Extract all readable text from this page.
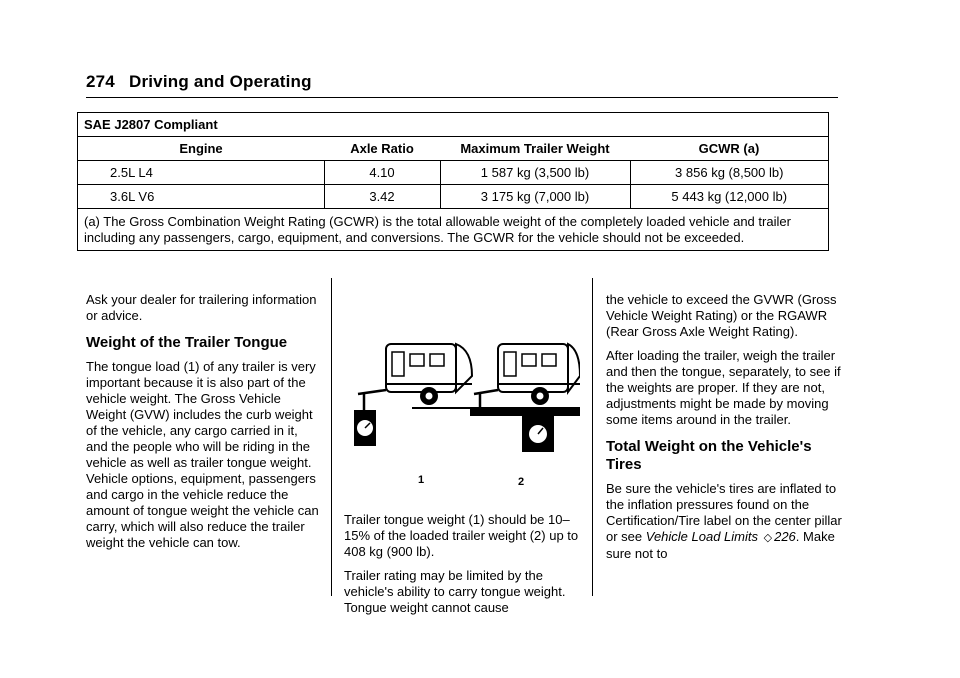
274 Driving and Operating
SAE J2807 Compliant			
Engine	Axle Ratio	Maximum Trailer Weight	GCWR (a)
2.5L L4	4.10	1 587 kg (3,500 lb)	3 856 kg (8,500 lb)
3.6L V6	3.42	3 175 kg (7,000 lb)	5 443 kg (12,000 lb)
(a) The Gross Combination Weight Rating (GCWR) is the total allowable weight of the completely loaded vehicle and trailer including any passengers, cargo, equipment, and conversions. The GCWR for the vehicle should not be exceeded.			

Ask your dealer for trailering information or advice.

Weight of the Trailer Tongue

The tongue load (1) of any trailer is very important because it is also part of the vehicle weight. The Gross Vehicle Weight (GVW) includes the curb weight of the vehicle, any cargo carried in it, and the people who will be riding in the vehicle as well as trailer tongue weight. Vehicle options, equipment, passengers and cargo in the vehicle reduce the amount of tongue weight the vehicle can carry, which will also reduce the trailer weight the vehicle can tow.

1	2

Trailer tongue weight (1) should be 10–15% of the loaded trailer weight (2) up to 408 kg (900 lb).

Trailer rating may be limited by the vehicle's ability to carry tongue weight. Tongue weight cannot cause

the vehicle to exceed the GVWR (Gross Vehicle Weight Rating) or the RGAWR (Rear Gross Axle Weight Rating).

After loading the trailer, weigh the trailer and then the tongue, separately, to see if the weights are proper. If they are not, adjustments might be made by moving some items around in the trailer.

Total Weight on the Vehicle's Tires

Be sure the vehicle's tires are inflated to the inflation pressures found on the Certification/Tire label on the center pillar or see Vehicle Load Limits ◇ 226. Make sure not to
